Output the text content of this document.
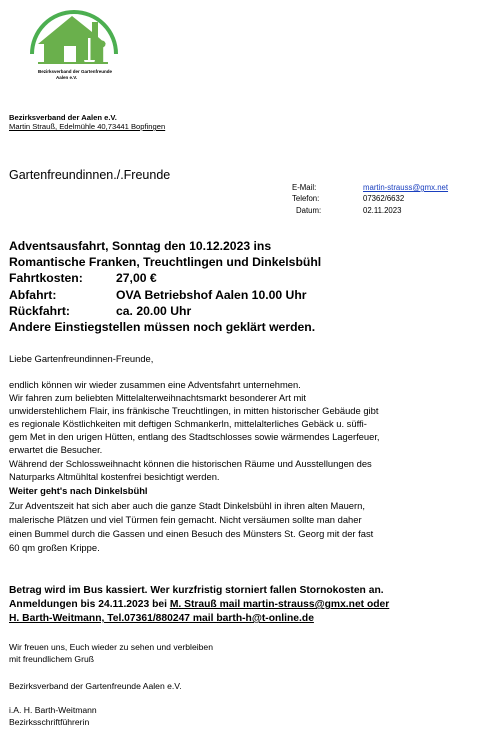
Bezirksverband der Gartenfreunde
Aalen e.V.
Bezirksverband der Aalen e.V.
Martin Strauß, Edelmühle 40,73441 Bopfingen
Gartenfreundinnen./.Freunde
E-Mail:	martin-strauss@gmx.net
Telefon:	07362/6632
Datum:	02.11.2023
Adventsausfahrt, Sonntag den 10.12.2023 ins
Romantische Franken, Treuchtlingen und Dinkelsbühl
Fahrtkosten:	27,00 €
Abfahrt:	OVA Betriebshof Aalen 10.00 Uhr
Rückfahrt:	ca. 20.00 Uhr
Andere Einstiegstellen müssen noch geklärt werden.
Liebe Gartenfreundinnen-Freunde,
endlich können wir wieder zusammen eine Adventsfahrt unternehmen.
Wir fahren zum beliebten Mittelalterweihnachtsmarkt besonderer Art mit
unwiderstehlichem Flair, ins fränkische Treuchtlingen, in mitten historischer Gebäude gibt
es regionale Köstlichkeiten mit deftigen Schmankerln, mittelalterliches Gebäck u. süffi-
gem Met in den urigen Hütten, entlang des Stadtschlosses sowie wärmendes Lagerfeuer,
erwartet die Besucher.
Während der Schlossweihnacht können die historischen Räume und Ausstellungen des
Naturparks Altmühltal kostenfrei besichtigt werden.
Weiter geht's nach Dinkelsbühl
Zur Adventszeit hat sich aber auch die ganze Stadt Dinkelsbühl in ihren alten Mauern,
malerische Plätzen und viel Türmen fein gemacht. Nicht versäumen sollte man daher
einen Bummel durch die Gassen und einen Besuch des Münsters St. Georg mit der fast
60 qm großen Krippe.
Betrag wird im Bus kassiert. Wer kurzfristig storniert fallen Stornokosten an.
Anmeldungen bis 24.11.2023 bei M. Strauß mail martin-strauss@gmx.net oder
H. Barth-Weitmann, Tel.07361/880247 mail barth-h@t-online.de
Wir freuen uns, Euch wieder zu sehen und verbleiben
mit freundlichem Gruß
Bezirksverband der Gartenfreunde Aalen e.V.
i.A. H. Barth-Weitmann
Bezirksschriftführerin
